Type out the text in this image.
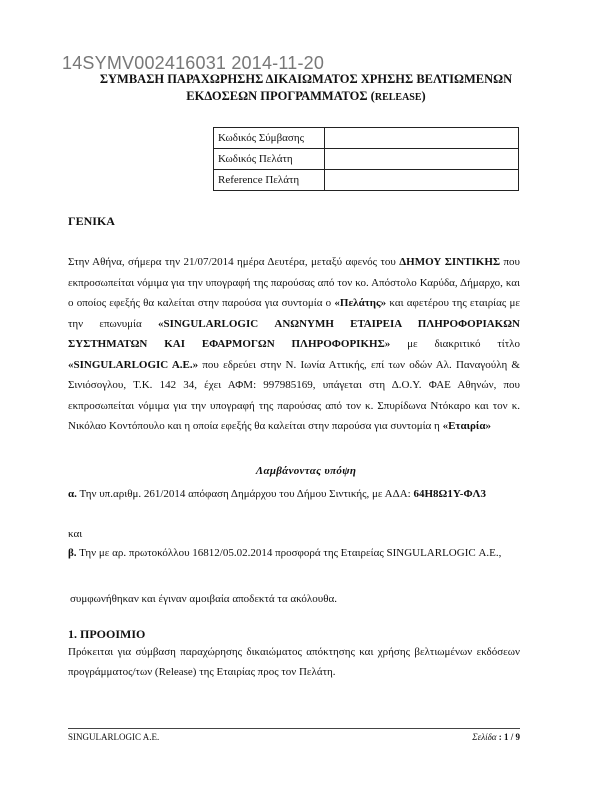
14SYMV002416031 2014-11-20
ΣΥΜΒΑΣΗ ΠΑΡΑΧΩΡΗΣΗΣ ΔΙΚΑΙΩΜΑΤΟΣ ΧΡΗΣΗΣ ΒΕΛΤΙΩΜΕΝΩΝ
ΕΚΔΟΣΕΩΝ ΠΡΟΓΡΑΜΜΑΤΟΣ (RELEASE)
Κωδικός Σύμβασης	
Κωδικός Πελάτη	
Reference Πελάτη	
ΓΕΝΙΚΑ
Στην Αθήνα, σήμερα την 21/07/2014 ημέρα Δευτέρα, μεταξύ αφενός του ΔΗΜΟΥ ΣΙΝΤΙΚΗΣ που εκπροσωπείται νόμιμα για την υπογραφή της παρούσας από τον κο. Απόστολο Καρύδα, Δήμαρχο, και ο οποίος εφεξής θα καλείται στην παρούσα για συντομία ο «Πελάτης» και αφετέρου της εταιρίας με την επωνυμία «SINGULARLOGIC ΑΝΩΝΥΜΗ ΕΤΑΙΡΕΙΑ ΠΛΗΡΟΦΟΡΙΑΚΩΝ ΣΥΣΤΗΜΑΤΩΝ ΚΑΙ ΕΦΑΡΜΟΓΩΝ ΠΛΗΡΟΦΟΡΙΚΗΣ» με διακριτικό τίτλο «SINGULARLOGIC A.E.» που εδρεύει στην Ν. Ιωνία Αττικής, επί των οδών Αλ. Παναγούλη & Σινιόσογλου, Τ.Κ. 142 34, έχει ΑΦΜ: 997985169, υπάγεται στη Δ.Ο.Υ. ΦΑΕ Αθηνών, που εκπροσωπείται νόμιμα για την υπογραφή της παρούσας από τον κ. Σπυρίδωνα Ντόκαρο και τον κ. Νικόλαο Κοντόπουλο και η οποία εφεξής θα καλείται στην παρούσα για συντομία η «Εταιρία»
Λαμβάνοντας υπόψη
α. Την υπ.αριθμ. 261/2014 απόφαση Δημάρχου του Δήμου Σιντικής, με ΑΔΑ: 64Η8Ω1Υ-ΦΛ3
και
β. Την με αρ. πρωτοκόλλου 16812/05.02.2014 προσφορά της Εταιρείας SINGULARLOGIC Α.Ε.,
συμφωνήθηκαν και έγιναν αμοιβαία αποδεκτά τα ακόλουθα.
1. ΠΡΟΟΙΜΙΟ
Πρόκειται για σύμβαση παραχώρησης δικαιώματος απόκτησης και χρήσης βελτιωμένων εκδόσεων προγράμματος/των (Release) της Εταιρίας προς τον Πελάτη.
SINGULARLOGIC A.E.	Σελίδα : 1 / 9
